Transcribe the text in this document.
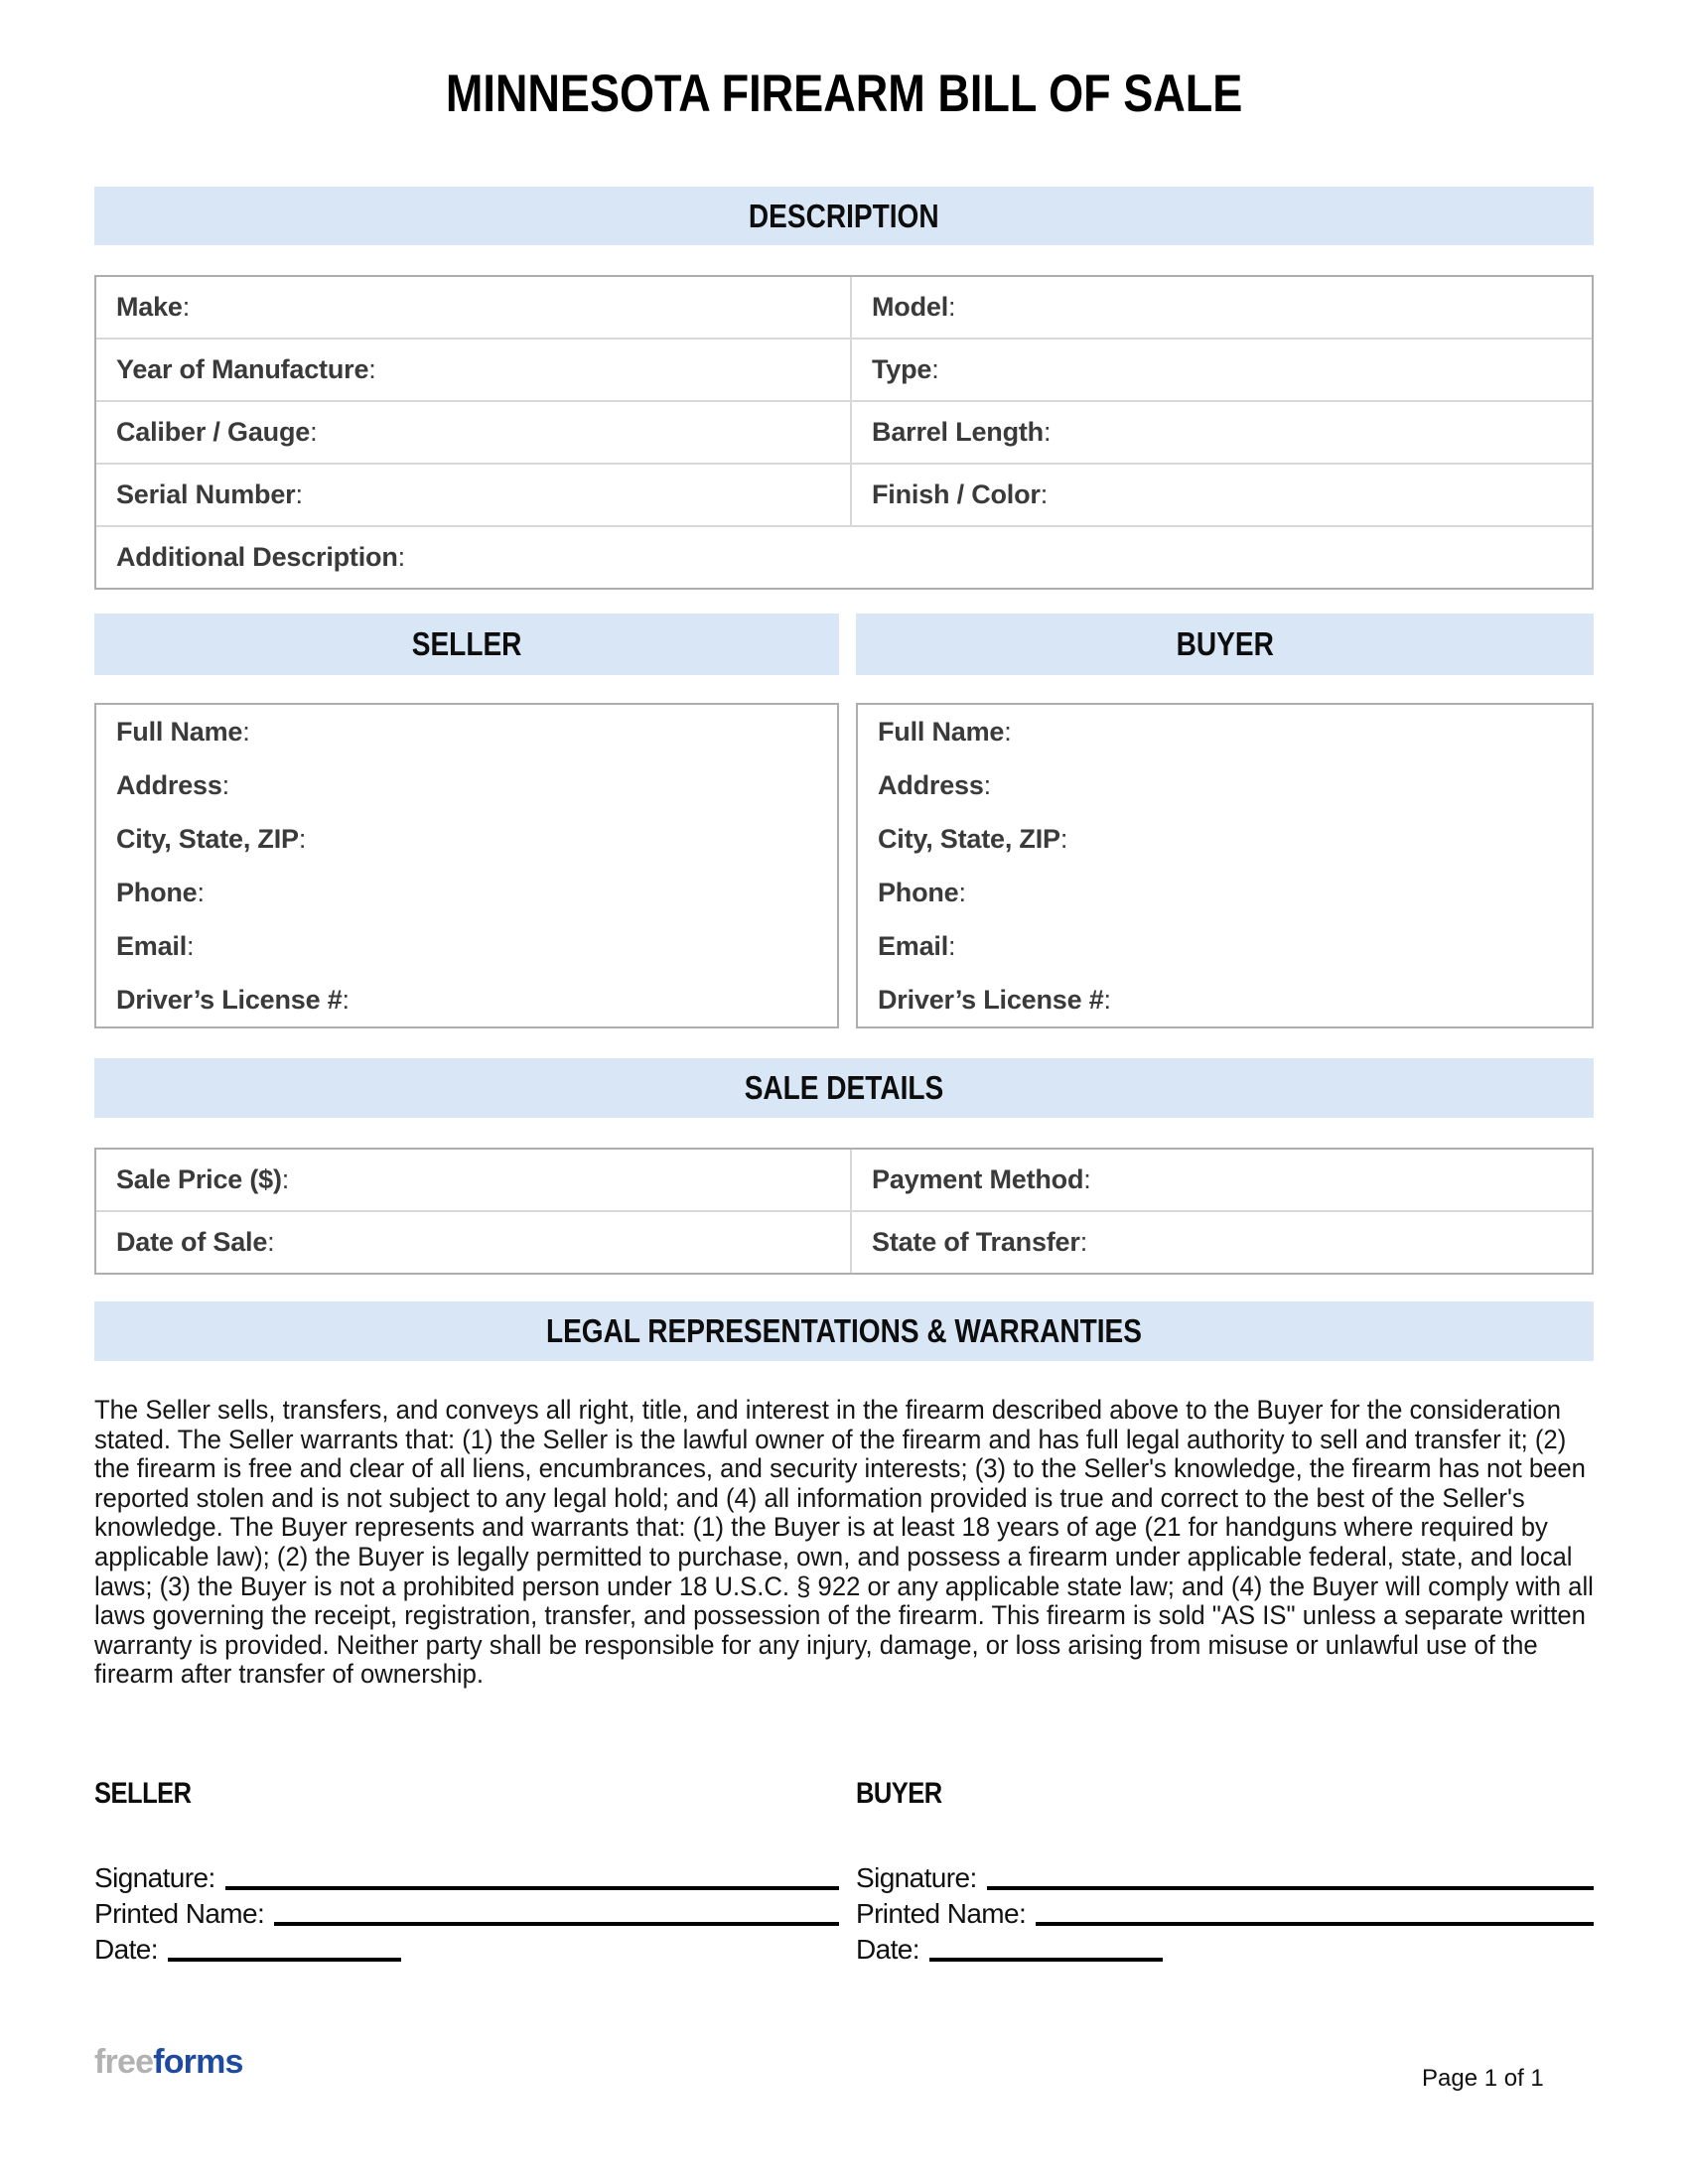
MINNESOTA FIREARM BILL OF SALE
DESCRIPTION
Make :	Model :
Year of Manufacture :	Type :
Caliber / Gauge :	Barrel Length :
Serial Number :	Finish / Color :
Additional Description :
SELLER	BUYER
Full Name :
Address :
City, State, ZIP :
Phone :
Email :
Driver’s License # :
Full Name :
Address :
City, State, ZIP :
Phone :
Email :
Driver’s License # :
SALE DETAILS
Sale Price ($) :	Payment Method :
Date of Sale :	State of Transfer :
LEGAL REPRESENTATIONS & WARRANTIES
The Seller sells, transfers, and conveys all right, title, and interest in the firearm described above to the Buyer for the consideration stated. The Seller warrants that: (1) the Seller is the lawful owner of the firearm and has full legal authority to sell and transfer it; (2) the firearm is free and clear of all liens, encumbrances, and security interests; (3) to the Seller's knowledge, the firearm has not been reported stolen and is not subject to any legal hold; and (4) all information provided is true and correct to the best of the Seller's knowledge. The Buyer represents and warrants that: (1) the Buyer is at least 18 years of age (21 for handguns where required by applicable law); (2) the Buyer is legally permitted to purchase, own, and possess a firearm under applicable federal, state, and local laws; (3) the Buyer is not a prohibited person under 18 U.S.C. § 922 or any applicable state law; and (4) the Buyer will comply with all laws governing the receipt, registration, transfer, and possession of the firearm. This firearm is sold "AS IS" unless a separate written warranty is provided. Neither party shall be responsible for any injury, damage, or loss arising from misuse or unlawful use of the firearm after transfer of ownership.
SELLER
Signature:
Printed Name:
Date:
BUYER
Signature:
Printed Name:
Date:
freeforms	Page 1 of 1
